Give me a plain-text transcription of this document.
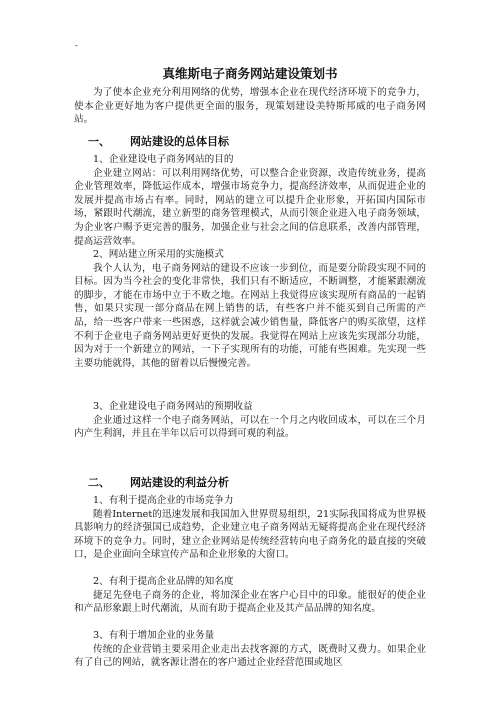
-
真维斯电子商务网站建设策划书

为了使本企业充分利用网络的优势，增强本企业在现代经济环境下的竞争力，使本企业更好地为客户提供更全面的服务，现策划建设美特斯邦威的电子商务网站。

一、 网站建设的总体目标

1、企业建设电子商务网站的目的

企业建立网站：可以利用网络优势，可以整合企业资源，改造传统业务，提高企业管理效率，降低运作成本，增强市场竞争力，提高经济效率，从而促进企业的发展并提高市场占有率。同时，网站的建立可以提升企业形象，开拓国内国际市场，紧跟时代潮流，建立新型的商务管理模式，从而引领企业进入电子商务领域，为企业客户赐予更完善的服务，加强企业与社会之间的信息联系，改善内部管理，提高运营效率。

2、网站建立所采用的实施模式

我个人认为，电子商务网站的建设不应该一步到位，而是要分阶段实现不同的目标。因为当今社会的变化非常快，我们只有不断适应，不断调整，才能紧跟潮流的脚步，才能在市场中立于不败之地。在网站上我觉得应该实现所有商品的一起销售，如果只实现一部分商品在网上销售的话，有些客户并不能买到自己所需的产品，给一些客户带来一些困惑，这样就会减少销售量，降低客户的购买欲望，这样不利于企业电子商务网站更好更快的发展。我觉得在网站上应该先实现部分功能，因为对于一个新建立的网站，一下子实现所有的功能，可能有些困难。先实现一些主要功能就得，其他的留着以后慢慢完善。

3、企业建设电子商务网站的预期收益

企业通过这样一个电子商务网站，可以在一个月之内收回成本，可以在三个月内产生利润，并且在半年以后可以得到可观的利益。

二、 网站建设的利益分析

1、有利于提高企业的市场竞争力

随着Internet的迅速发展和我国加入世界贸易组织，21实际我国将成为世界极具影响力的经济强国已成趋势，企业建立电子商务网站无疑将提高企业在现代经济环境下的竞争力。同时，建立企业网站是传统经营转向电子商务化的最直接的突破口，是企业面向全球宣传产品和企业形象的大窗口。

2、有利于提高企业品牌的知名度

捷足先登电子商务的企业，将加深企业在客户心目中的印象。能很好的使企业和产品形象跟上时代潮流，从而有助于提高企业及其产品品牌的知名度。

3、有利于增加企业的业务量

传统的企业营销主要采用企业走出去找客源的方式，既费时又费力。如果企业有了自己的网站，就客源让潜在的客户通过企业经营范围或地区
